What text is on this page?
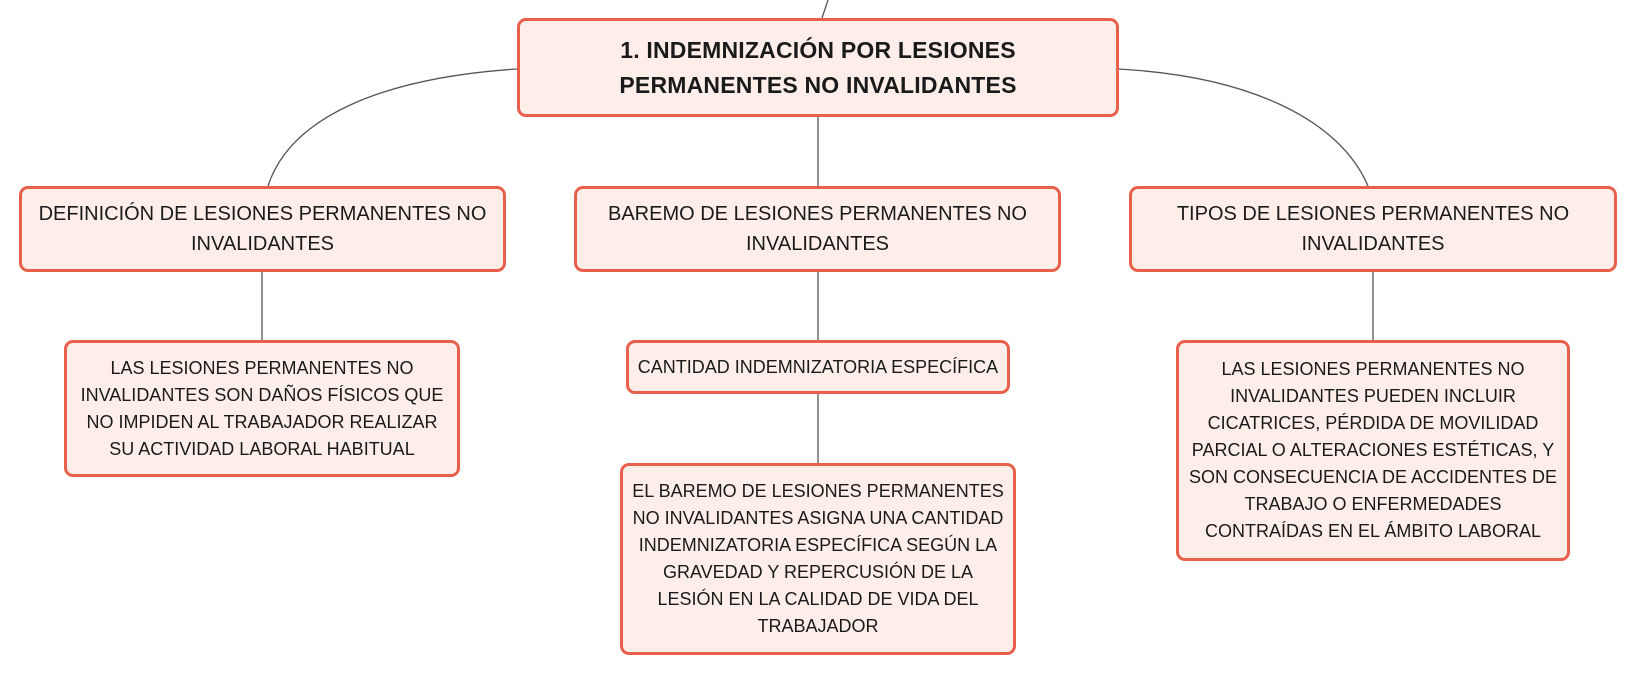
1. INDEMNIZACIÓN POR LESIONES PERMANENTES NO INVALIDANTES
DEFINICIÓN DE LESIONES PERMANENTES NO INVALIDANTES
BAREMO DE LESIONES PERMANENTES NO INVALIDANTES
TIPOS DE LESIONES PERMANENTES NO INVALIDANTES
LAS LESIONES PERMANENTES NO INVALIDANTES SON DAÑOS FÍSICOS QUE NO IMPIDEN AL TRABAJADOR REALIZAR SU ACTIVIDAD LABORAL HABITUAL
CANTIDAD INDEMNIZATORIA ESPECÍFICA
EL BAREMO DE LESIONES PERMANENTES NO INVALIDANTES ASIGNA UNA CANTIDAD INDEMNIZATORIA ESPECÍFICA SEGÚN LA GRAVEDAD Y REPERCUSIÓN DE LA LESIÓN EN LA CALIDAD DE VIDA DEL TRABAJADOR
LAS LESIONES PERMANENTES NO INVALIDANTES PUEDEN INCLUIR CICATRICES, PÉRDIDA DE MOVILIDAD PARCIAL O ALTERACIONES ESTÉTICAS, Y SON CONSECUENCIA DE ACCIDENTES DE TRABAJO O ENFERMEDADES CONTRAÍDAS EN EL ÁMBITO LABORAL
